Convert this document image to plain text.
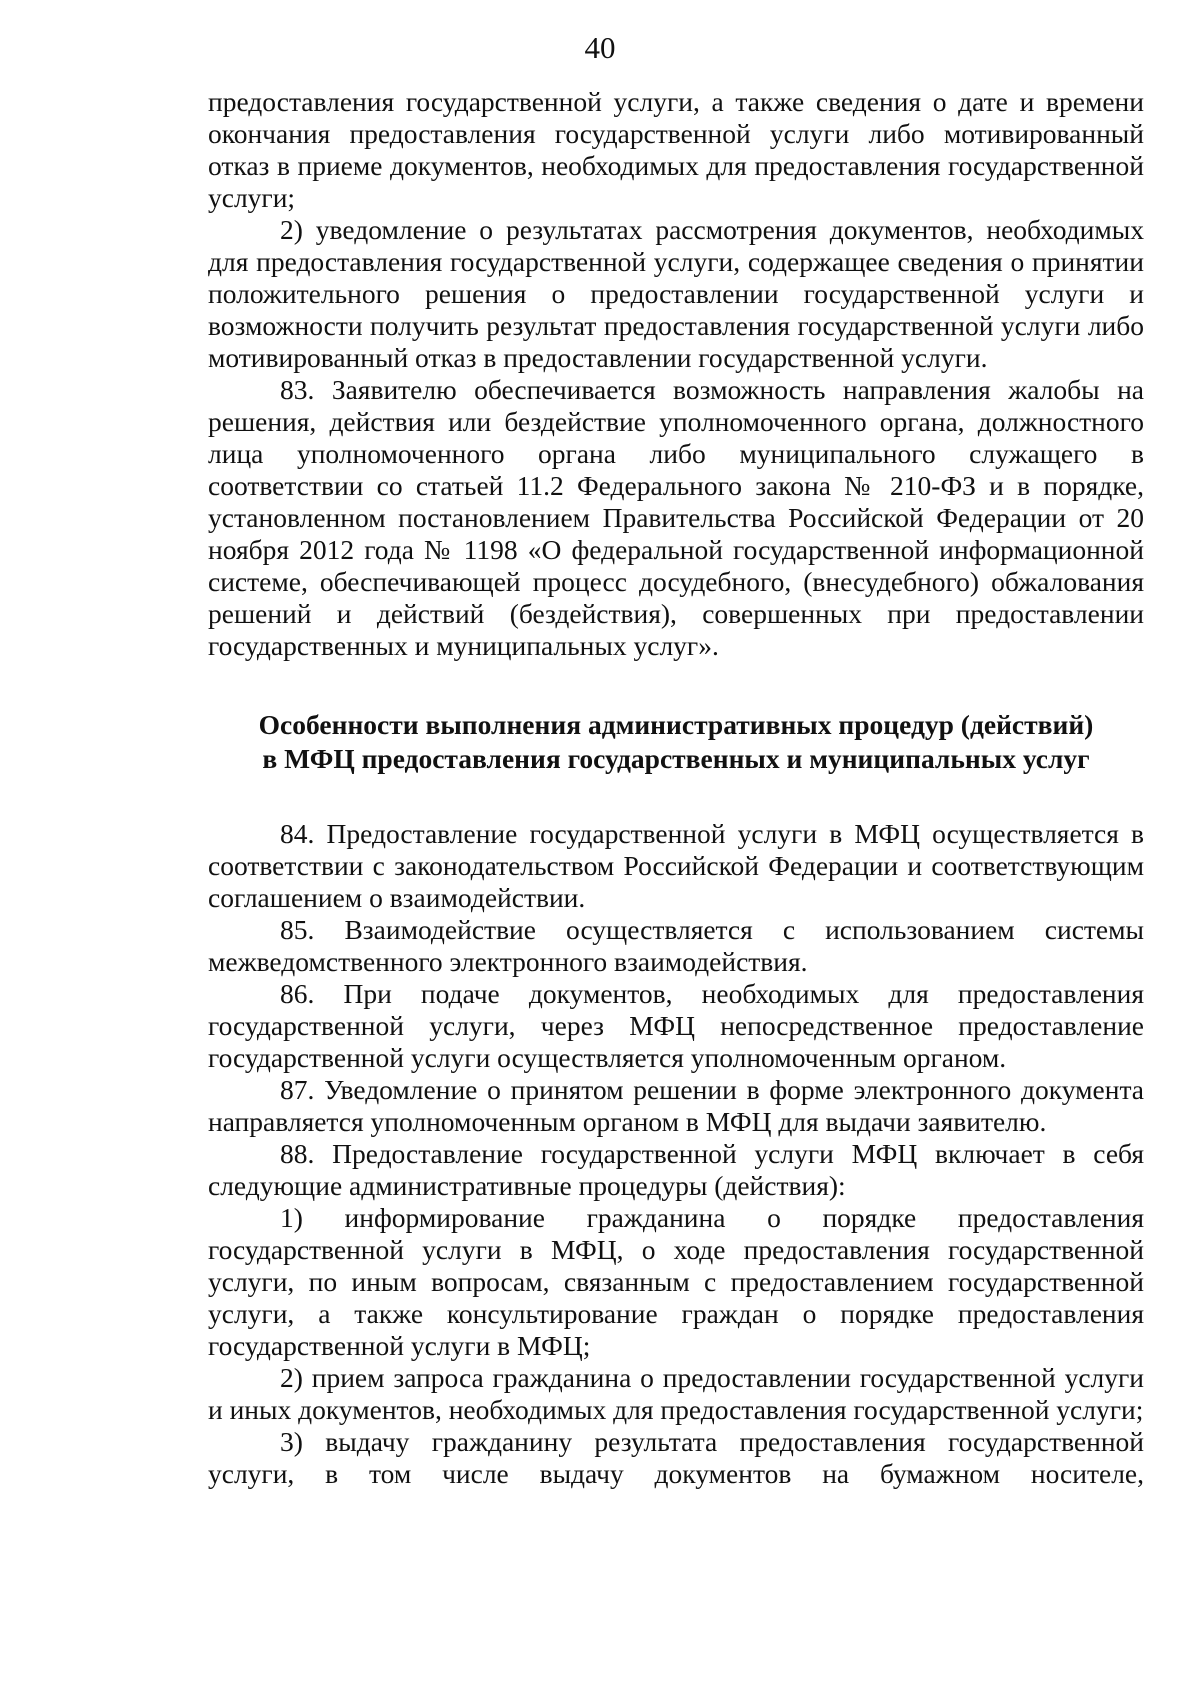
40

предоставления государственной услуги, а также сведения о дате и времени окончания предоставления государственной услуги либо мотивированный отказ в приеме документов, необходимых для предоставления государственной услуги;

2) уведомление о результатах рассмотрения документов, необходимых для предоставления государственной услуги, содержащее сведения о принятии положительного решения о предоставлении государственной услуги и возможности получить результат предоставления государственной услуги либо мотивированный отказ в предоставлении государственной услуги.

83. Заявителю обеспечивается возможность направления жалобы на решения, действия или бездействие уполномоченного органа, должностного лица уполномоченного органа либо муниципального служащего в соответствии со статьей 11.2 Федерального закона № 210-ФЗ и в порядке, установленном постановлением Правительства Российской Федерации от 20 ноября 2012 года № 1198 «О федеральной государственной информационной системе, обеспечивающей процесс досудебного, (внесудебного) обжалования решений и действий (бездействия), совершенных при предоставлении государственных и муниципальных услуг».

Особенности выполнения административных процедур (действий)
в МФЦ предоставления государственных и муниципальных услуг

84. Предоставление государственной услуги в МФЦ осуществляется в соответствии с законодательством Российской Федерации и соответствующим соглашением о взаимодействии.

85. Взаимодействие осуществляется с использованием системы межведомственного электронного взаимодействия.

86. При подаче документов, необходимых для предоставления государственной услуги, через МФЦ непосредственное предоставление государственной услуги осуществляется уполномоченным органом.

87. Уведомление о принятом решении в форме электронного документа направляется уполномоченным органом в МФЦ для выдачи заявителю.

88. Предоставление государственной услуги МФЦ включает в себя следующие административные процедуры (действия):

1) информирование гражданина о порядке предоставления государственной услуги в МФЦ, о ходе предоставления государственной услуги, по иным вопросам, связанным с предоставлением государственной услуги, а также консультирование граждан о порядке предоставления государственной услуги в МФЦ;

2) прием запроса гражданина о предоставлении государственной услуги и иных документов, необходимых для предоставления государственной услуги;

3) выдачу гражданину результата предоставления государственной услуги, в том числе выдачу документов на бумажном носителе,
